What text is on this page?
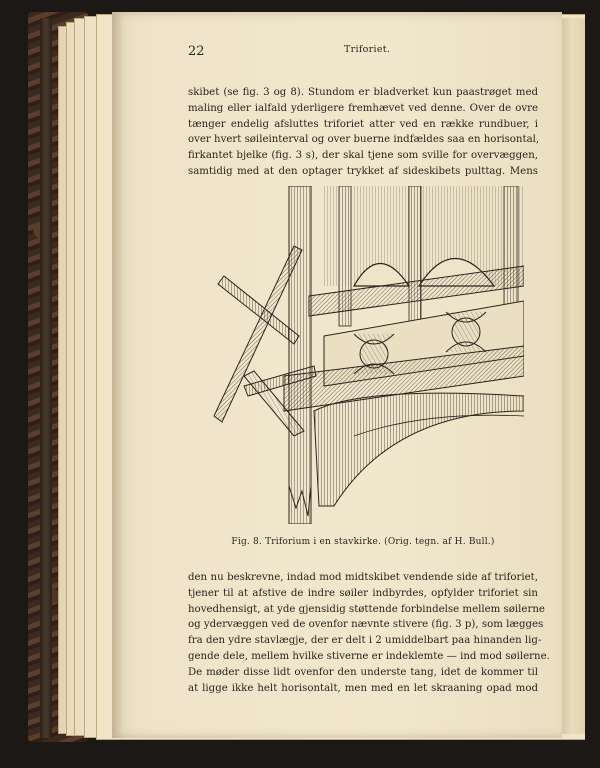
22	Triforiet.
skibet (se fig. 3 og 8). Stundom er bladverket kun paastrøget med
maling eller ialfald yderligere fremhævet ved denne. Over de ovre
tænger endelig afsluttes triforiet atter ved en række rundbuer, i
over hvert søileinterval og over buerne indfældes saa en horisontal,
firkantet bjelke (fig. 3 s), der skal tjene som sville for overvæggen,
samtidig med at den optager trykket af sideskibets pulttag. Mens
Fig. 8. Triforium i en stavkirke. (Orig. tegn. af H. Bull.)
den nu beskrevne, indad mod midtskibet vendende side af triforiet,
tjener til at afstive de indre søiler indbyrdes, opfylder triforiet sin
hovedhensigt, at yde gjensidig støttende forbindelse mellem søilerne
og ydervæggen ved de ovenfor nævnte stivere (fig. 3 p), som lægges
fra den ydre stavlægje, der er delt i 2 umiddelbart paa hinanden lig-
gende dele, mellem hvilke stiverne er indeklemte — ind mod søilerne.
De møder disse lidt ovenfor den underste tang, idet de kommer til
at ligge ikke helt horisontalt, men med en let skraaning opad mod
